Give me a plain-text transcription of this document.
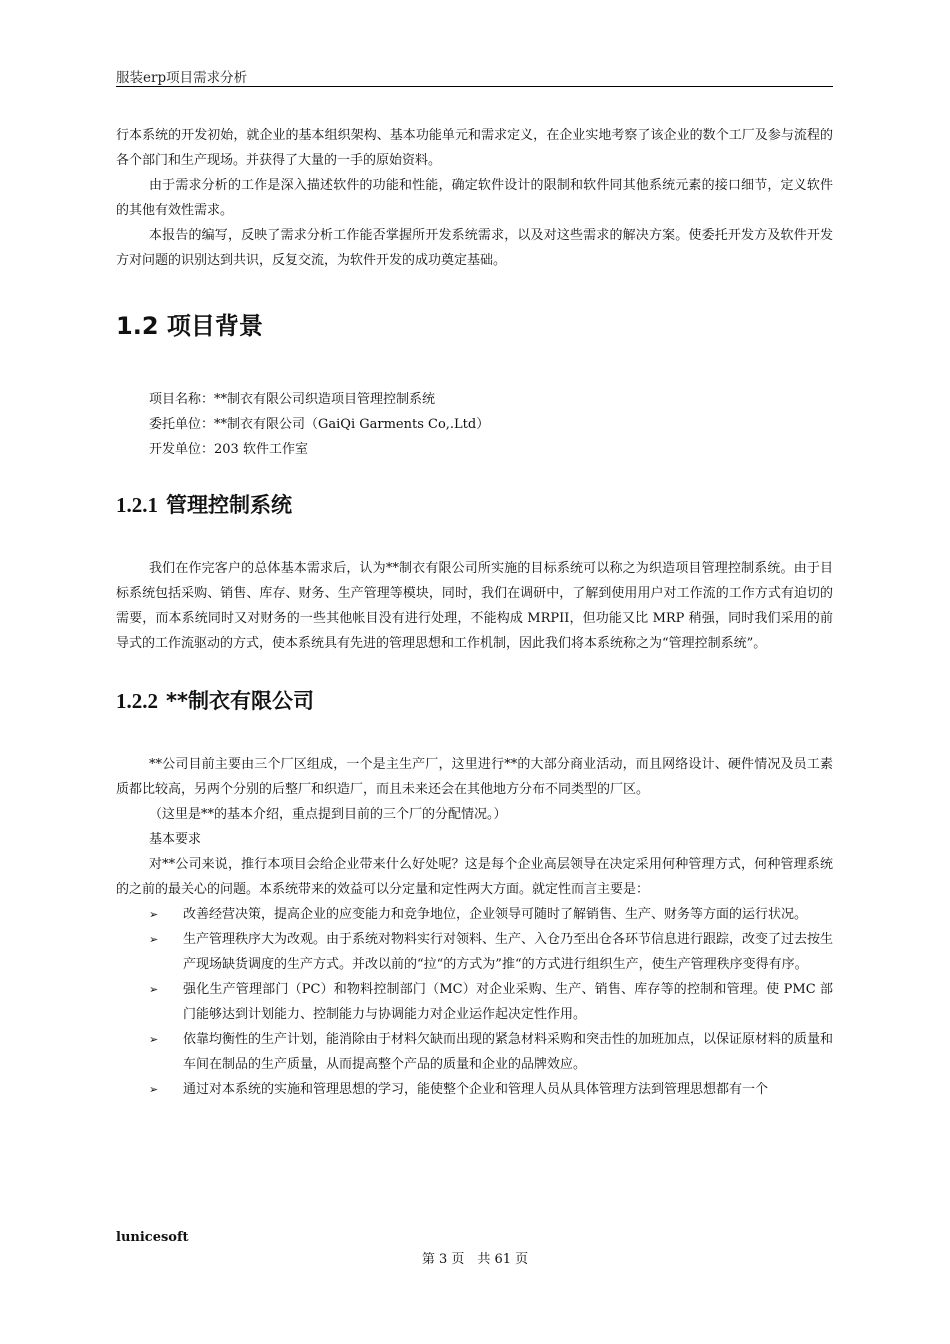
服装erp项目需求分析

行本系统的开发初始，就企业的基本组织架构、基本功能单元和需求定义，在企业实地考察了该企业的数个工厂及参与流程的各个部门和生产现场。并获得了大量的一手的原始资料。

由于需求分析的工作是深入描述软件的功能和性能，确定软件设计的限制和软件同其他系统元素的接口细节，定义软件的其他有效性需求。

本报告的编写，反映了需求分析工作能否掌握所开发系统需求，以及对这些需求的解决方案。使委托开发方及软件开发方对问题的识别达到共识，反复交流，为软件开发的成功奠定基础。

1.2 项目背景
项目名称：**制衣有限公司织造项目管理控制系统
委托单位：**制衣有限公司（GaiQi Garments Co,.Ltd）
开发单位：203 软件工作室
1.2.1 管理控制系统

我们在作完客户的总体基本需求后，认为**制衣有限公司所实施的目标系统可以称之为织造项目管理控制系统。由于目标系统包括采购、销售、库存、财务、生产管理等模块，同时，我们在调研中，了解到使用用户对工作流的工作方式有迫切的需要，而本系统同时又对财务的一些其他帐目没有进行处理，不能构成 MRPII，但功能又比 MRP 稍强，同时我们采用的前导式的工作流驱动的方式，使本系统具有先进的管理思想和工作机制，因此我们将本系统称之为“管理控制系统”。

1.2.2 **制衣有限公司

**公司目前主要由三个厂区组成，一个是主生产厂，这里进行**的大部分商业活动，而且网络设计、硬件情况及员工素质都比较高，另两个分别的后整厂和织造厂，而且未来还会在其他地方分布不同类型的厂区。

（这里是**的基本介绍，重点提到目前的三个厂的分配情况。）

基本要求

对**公司来说，推行本项目会给企业带来什么好处呢？这是每个企业高层领导在决定采用何种管理方式，何种管理系统的之前的最关心的问题。本系统带来的效益可以分定量和定性两大方面。就定性而言主要是：

➢ 改善经营决策，提高企业的应变能力和竞争地位，企业领导可随时了解销售、生产、财务等方面的运行状况。
➢ 生产管理秩序大为改观。由于系统对物料实行对领料、生产、入仓乃至出仓各环节信息进行跟踪，改变了过去按生产现场缺货调度的生产方式。并改以前的“拉“的方式为”推“的方式进行组织生产，使生产管理秩序变得有序。
➢ 强化生产管理部门（PC）和物料控制部门（MC）对企业采购、生产、销售、库存等的控制和管理。使 PMC 部门能够达到计划能力、控制能力与协调能力对企业运作起决定性作用。
➢ 依靠均衡性的生产计划，能消除由于材料欠缺而出现的紧急材料采购和突击性的加班加点，以保证原材料的质量和车间在制品的生产质量，从而提高整个产品的质量和企业的品牌效应。
➢ 通过对本系统的实施和管理思想的学习，能使整个企业和管理人员从具体管理方法到管理思想都有一个
lunicesoft
第 3 页　共 61 页
